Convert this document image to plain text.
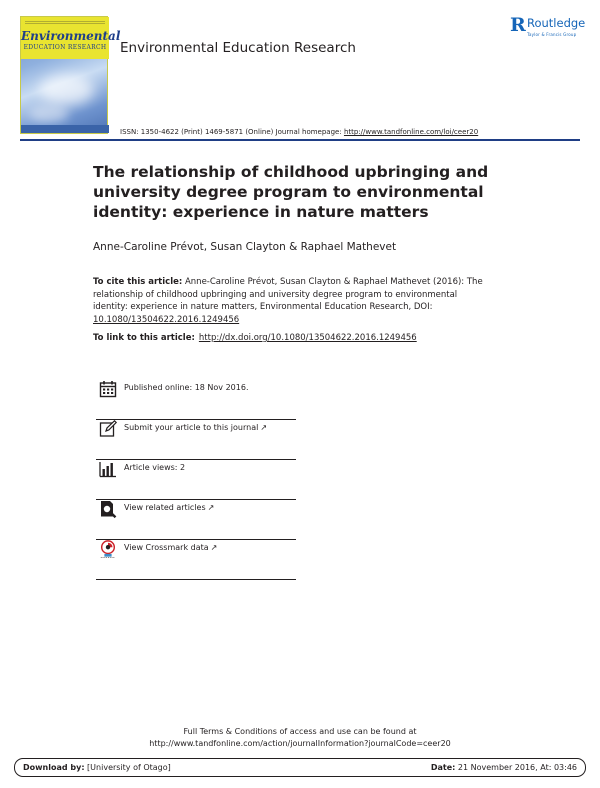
Environmental
EDUCATION RESEARCH Environmental Education Research
R Routledge
Taylor & Francis Group
ISSN: 1350-4622 (Print) 1469-5871 (Online) Journal homepage: http://www.tandfonline.com/loi/ceer20
The relationship of childhood upbringing and university degree program to environmental identity: experience in nature matters
Anne-Caroline Prévot, Susan Clayton & Raphael Mathevet
To cite this article: Anne-Caroline Prévot, Susan Clayton & Raphael Mathevet (2016): The relationship of childhood upbringing and university degree program to environmental identity: experience in nature matters, Environmental Education Research, DOI: 10.1080/13504622.2016.1249456
To link to this article: http://dx.doi.org/10.1080/13504622.2016.1249456
Published online: 18 Nov 2016.
Submit your article to this journal ↗
Article views: 2
View related articles ↗
View Crossmark data ↗
Full Terms & Conditions of access and use can be found at
http://www.tandfonline.com/action/journalInformation?journalCode=ceer20
Download by: [University of Otago]	Date: 21 November 2016, At: 03:46
